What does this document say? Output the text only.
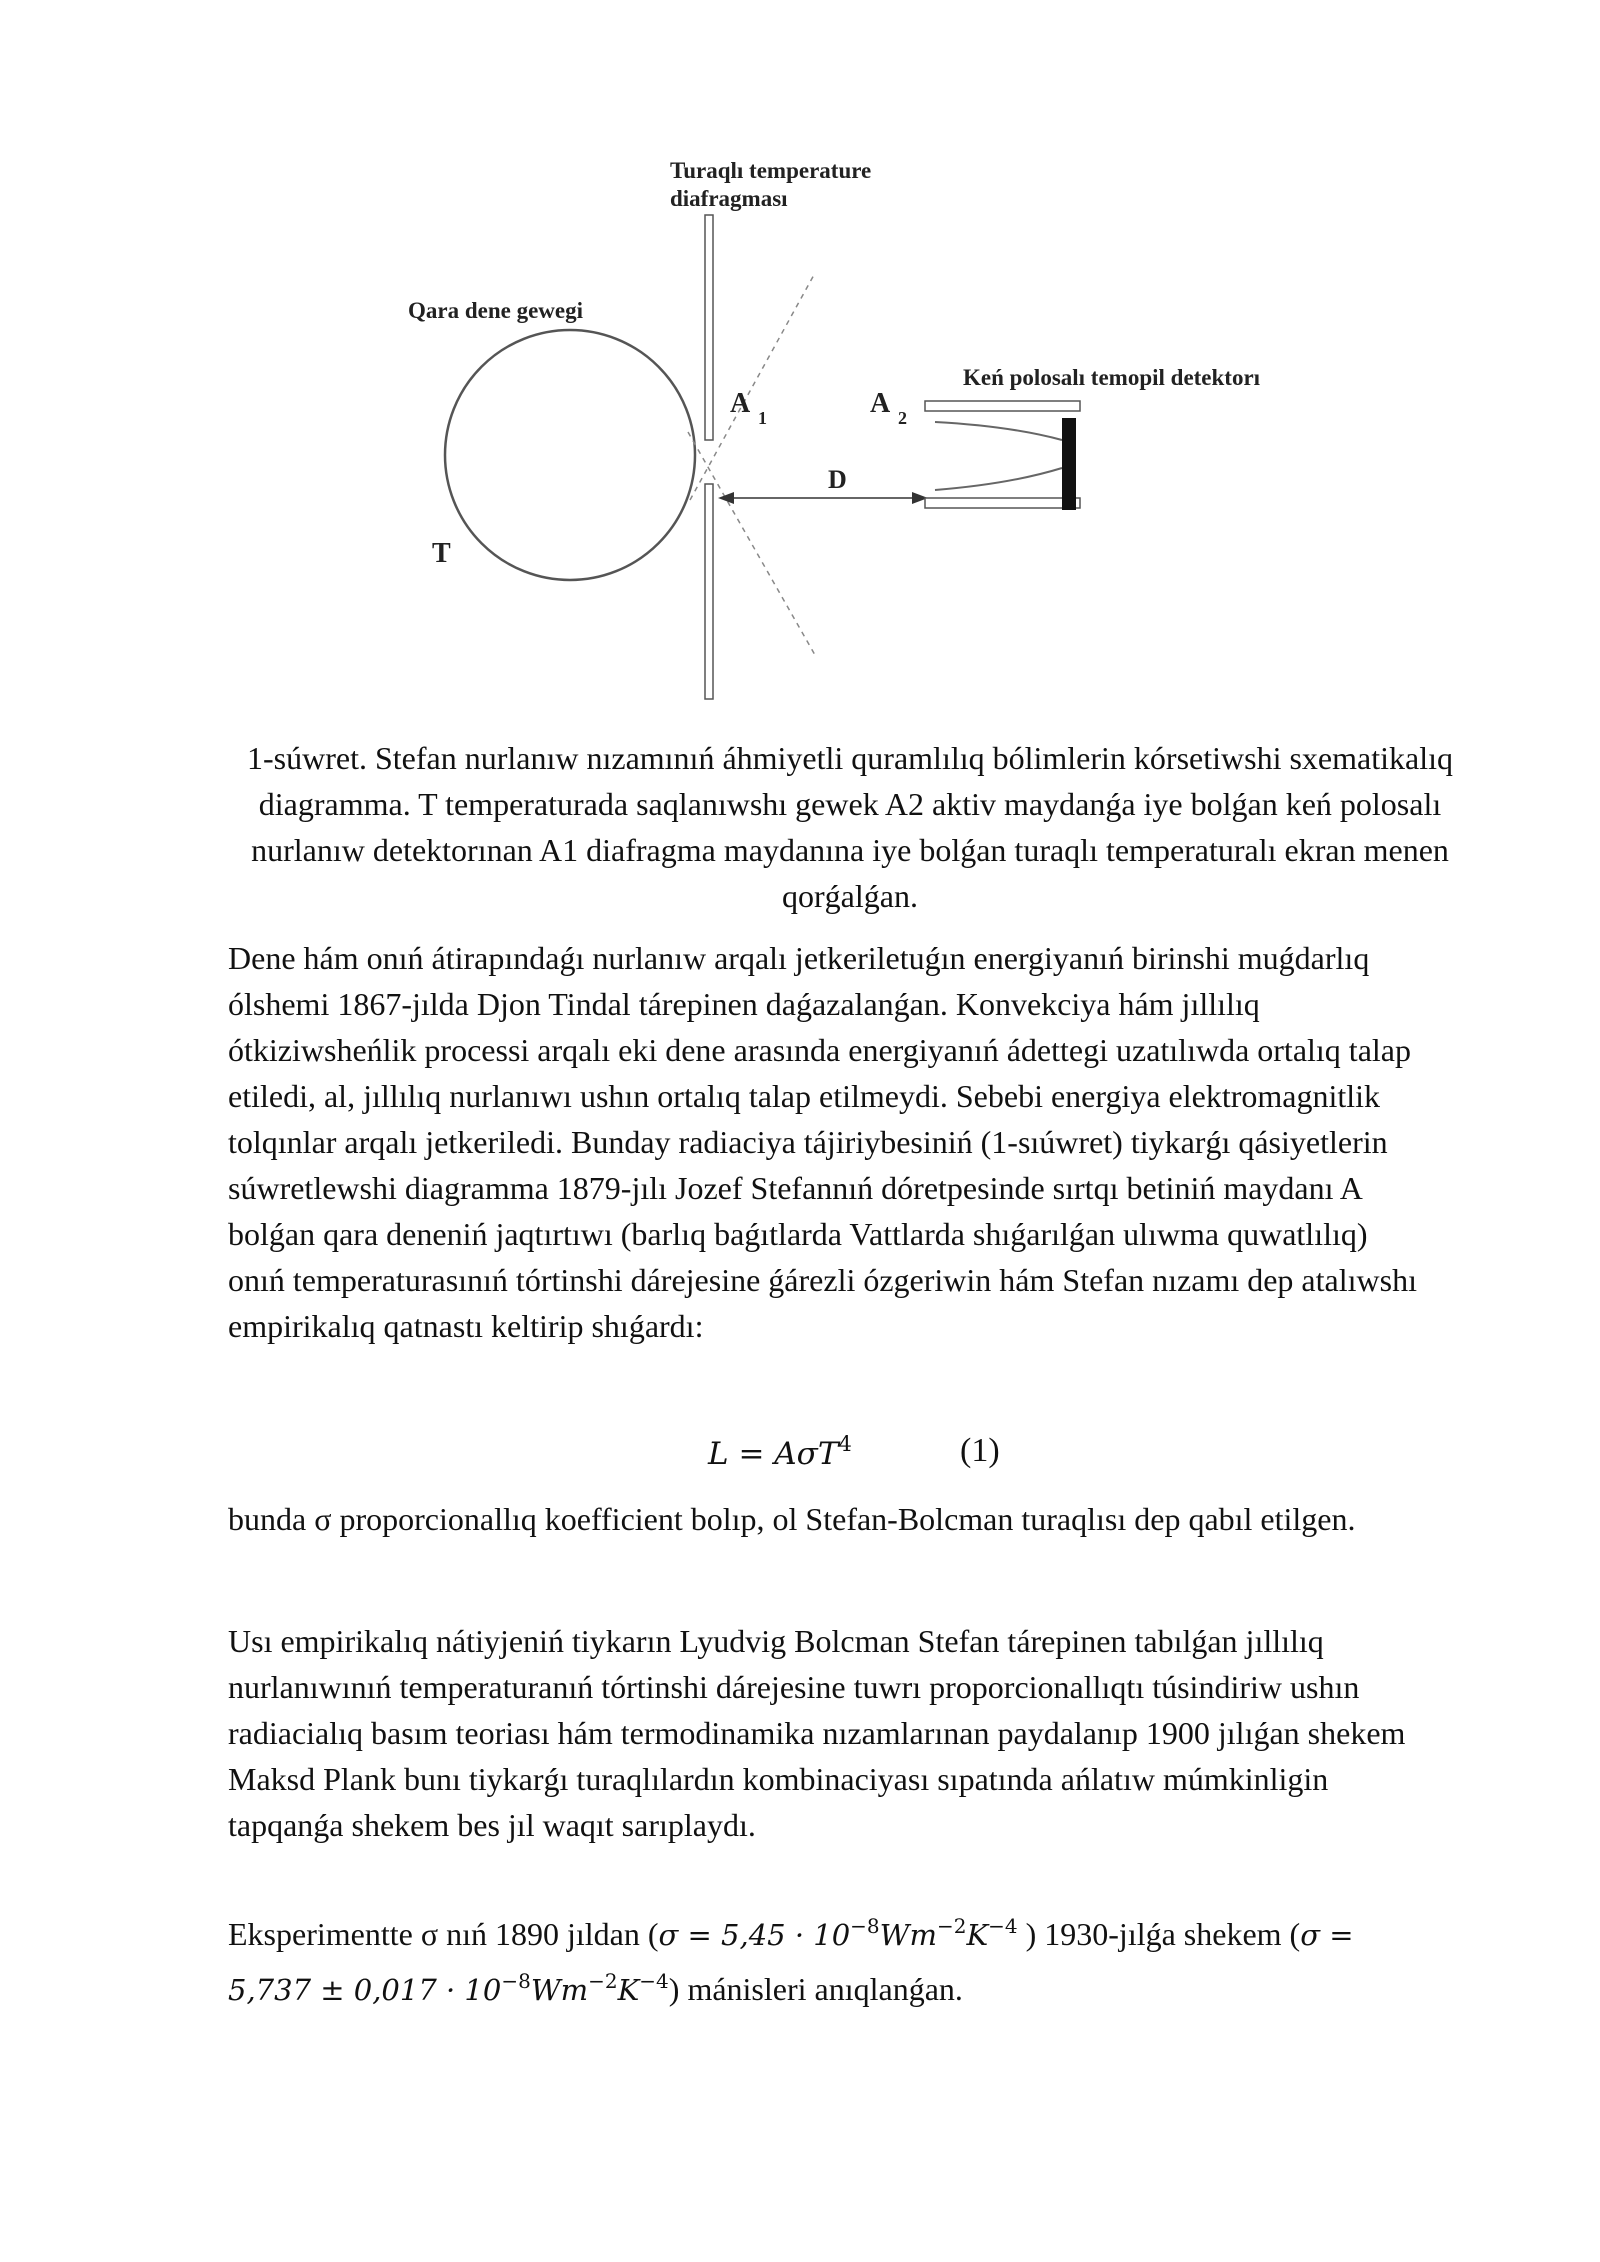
Turaqlı temperature
diafragması
Qara dene gewegi
Keń polosalı temopil detektorı
A 1	A 2
D
T

1-súwret. Stefan nurlanıw nızamınıń áhmiyetli quramlılıq bólimlerin kórsetiwshi sxematikalıq diagramma. T temperaturada saqlanıwshı gewek A2 aktiv maydanǵa iye bolǵan keń polosalı nurlanıw detektorınan A1 diafragma maydanına iye bolǵan turaqlı temperaturalı ekran menen qorǵalǵan.

Dene hám onıń átirapındaǵı nurlanıw arqalı jetkeriletuǵın energiyanıń birinshi muǵdarlıq ólshemi 1867-jılda Djon Tindal tárepinen daǵazalanǵan. Konvekciya hám jıllılıq ótkiziwsheńlik processi arqalı eki dene arasında energiyanıń ádettegi uzatılıwda ortalıq talap etiledi, al, jıllılıq nurlanıwı ushın ortalıq talap etilmeydi. Sebebi energiya elektromagnitlik tolqınlar arqalı jetkeriledi. Bunday radiaciya tájiriybesiniń (1-sıúwret) tiykarǵı qásiyetlerin súwretlewshi diagramma 1879-jılı Jozef Stefannıń dóretpesinde sırtqı betiniń maydanı A bolǵan qara deneniń jaqtırtıwı (barlıq baǵıtlarda Vattlarda shıǵarılǵan ulıwma quwatlılıq) onıń temperaturasınıń tórtinshi dárejesine ǵárezli ózgeriwin hám Stefan nızamı dep atalıwshı empirikalıq qatnastı keltirip shıǵardı:

L = AσT$^4$	(1)

bunda σ proporcionallıq koefficient bolıp, ol Stefan-Bolcman turaqlısı dep qabıl etilgen.

Usı empirikalıq nátiyjeniń tiykarın Lyudvig Bolcman Stefan tárepinen tabılǵan jıllılıq nurlanıwınıń temperaturanıń tórtinshi dárejesine tuwrı proporcionallıqtı túsindiriw ushın radiacialıq basım teoriası hám termodinamika nızamlarınan paydalanıp 1900 jılıǵan shekem Maksd Plank bunı tiykarǵı turaqlılardın kombinaciyası sıpatında ańlatıw múmkinligin tapqanǵa shekem bes jıl waqıt sarıplaydı.

Eksperimentte σ nıń 1890 jıldan ($\sigma = 5,45 \cdot 10^{-8}Wm^{-2}K^{-4}$ ) 1930-jılǵa shekem $(\sigma = 5,737 \pm 0,017 \cdot 10^{-8}Wm^{-2}K^{-4})$ mánisleri anıqlanǵan.
